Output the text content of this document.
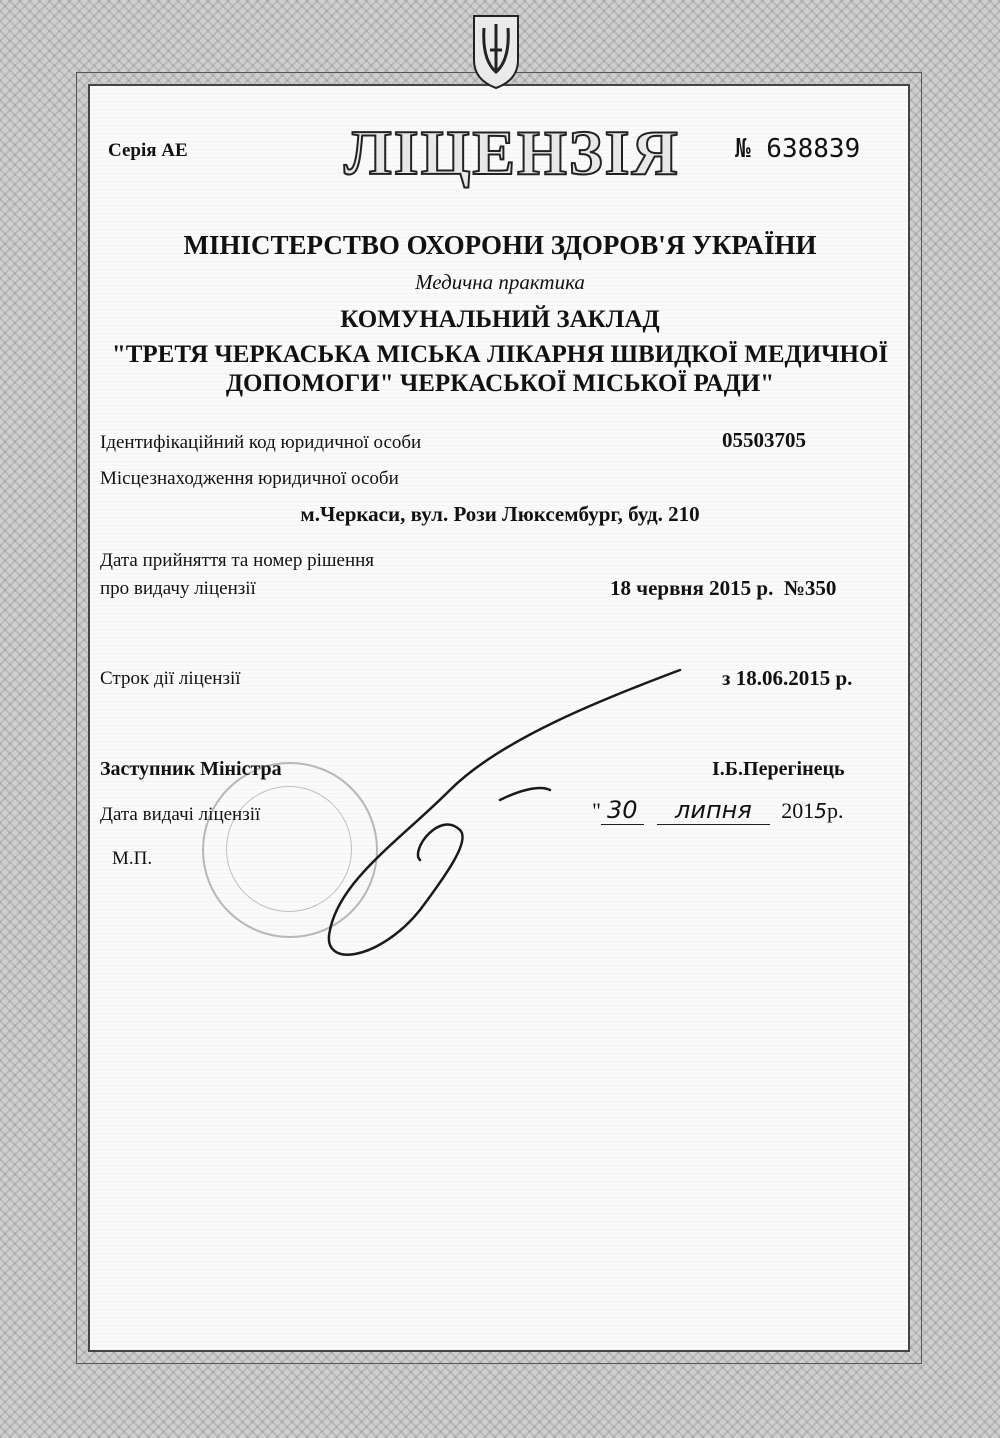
Серія АЕ ЛІЦЕНЗІЯ № 638839
МІНІСТЕРСТВО ОХОРОНИ ЗДОРОВ'Я УКРАЇНИ
Медична практика
КОМУНАЛЬНИЙ ЗАКЛАД
"ТРЕТЯ ЧЕРКАСЬКА МІСЬКА ЛІКАРНЯ ШВИДКОЇ МЕДИЧНОЇ
ДОПОМОГИ" ЧЕРКАСЬКОЇ МІСЬКОЇ РАДИ"
Ідентифікаційний код юридичної особи	05503705
Місцезнаходження юридичної особи
м.Черкаси, вул. Рози Люксембург, буд. 210
Дата прийняття та номер рішення
про видачу ліцензії	18 червня 2015 р.  №350
Строк дії ліцензії	з 18.06.2015 р.
Заступник Міністра	І.Б.Перегінець
Дата видачі ліцензії	" 30 липня 2015р.
М.П.
